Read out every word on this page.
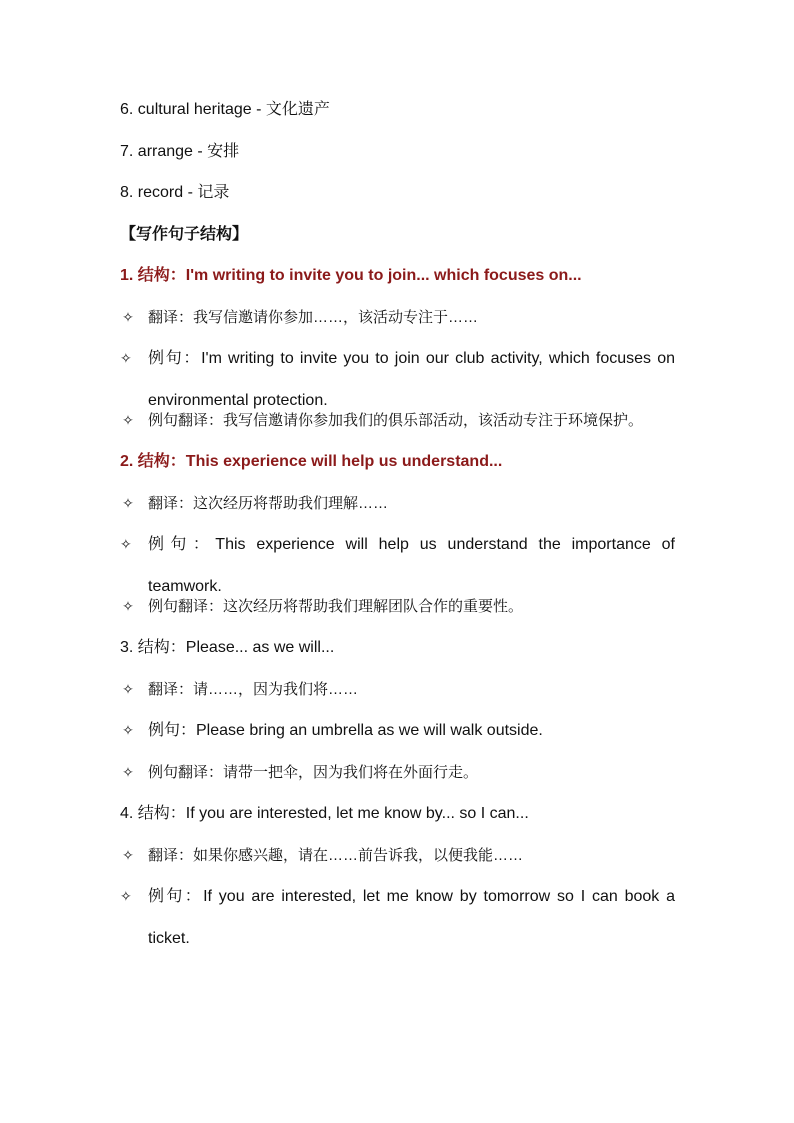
6. cultural heritage - 文化遗产
7. arrange - 安排
8. record - 记录
【写作句子结构】
1. 结构：I'm writing to invite you to join... which focuses on...
✧ 翻译：我写信邀请你参加……，该活动专注于……
✧ 例句：I'm writing to invite you to join our club activity, which focuses on environmental protection.
✧ 例句翻译：我写信邀请你参加我们的俱乐部活动，该活动专注于环境保护。
2. 结构：This experience will help us understand...
✧ 翻译：这次经历将帮助我们理解……
✧ 例句：This experience will help us understand the importance of teamwork.
✧ 例句翻译：这次经历将帮助我们理解团队合作的重要性。
3. 结构：Please... as we will...
✧ 翻译：请……，因为我们将……
✧ 例句：Please bring an umbrella as we will walk outside.
✧ 例句翻译：请带一把伞，因为我们将在外面行走。
4. 结构：If you are interested, let me know by... so I can...
✧ 翻译：如果你感兴趣，请在……前告诉我，以便我能……
✧ 例句：If you are interested, let me know by tomorrow so I can book a ticket.
